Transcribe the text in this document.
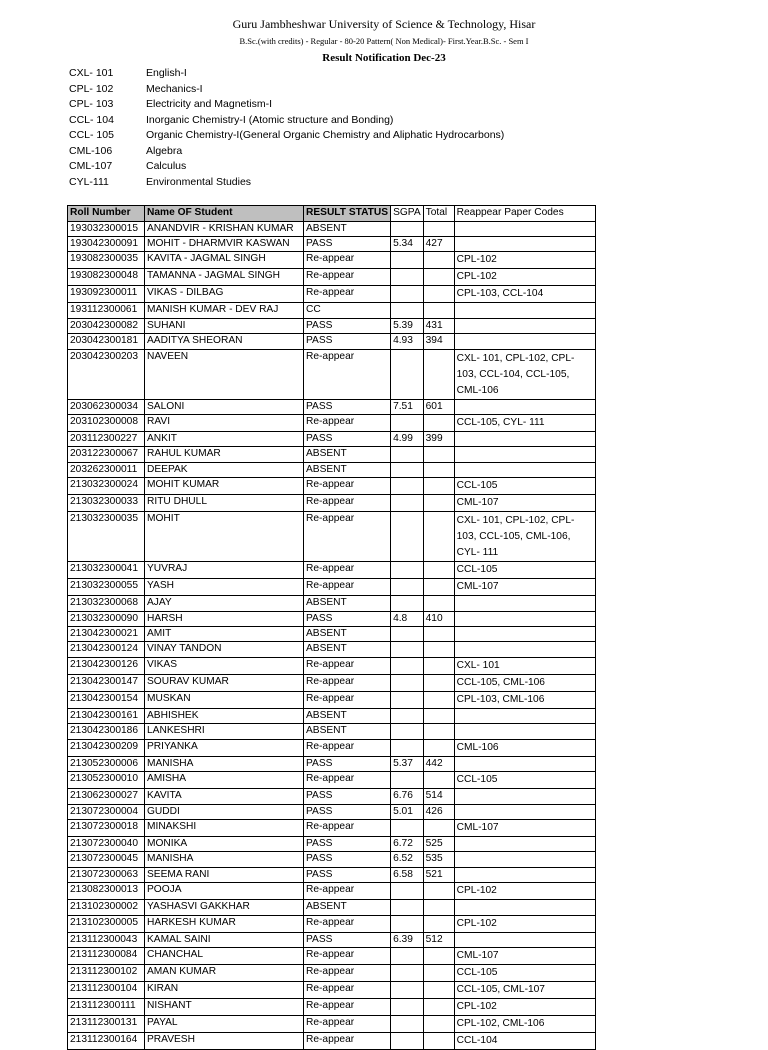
Guru Jambheshwar University of Science & Technology, Hisar
B.Sc.(with credits) - Regular - 80-20 Pattern( Non Medical)- First.Year.B.Sc. - Sem I
Result Notification Dec-23
CXL- 101	English-I
CPL- 102	Mechanics-I
CPL- 103	Electricity and Magnetism-I
CCL- 104	Inorganic Chemistry-I (Atomic structure and Bonding)
CCL- 105	Organic Chemistry-I(General Organic Chemistry and Aliphatic Hydrocarbons)
CML-106	Algebra
CML-107	Calculus
CYL-111	Environmental Studies
Roll Number	Name OF Student	RESULT STATUS	SGPA	Total	Reappear Paper Codes
193032300015	ANANDVIR - KRISHAN KUMAR	ABSENT			
193042300091	MOHIT - DHARMVIR KASWAN	PASS	5.34	427	
193082300035	KAVITA - JAGMAL SINGH	Re-appear			CPL-102
193082300048	TAMANNA - JAGMAL SINGH	Re-appear			CPL-102
193092300011	VIKAS - DILBAG	Re-appear			CPL-103, CCL-104
193112300061	MANISH KUMAR - DEV RAJ	CC			
203042300082	SUHANI	PASS	5.39	431	
203042300181	AADITYA SHEORAN	PASS	4.93	394	
203042300203	NAVEEN	Re-appear			CXL- 101, CPL-102, CPL-103, CCL-104, CCL-105, CML-106
203062300034	SALONI	PASS	7.51	601	
203102300008	RAVI	Re-appear			CCL-105, CYL- 111
203112300227	ANKIT	PASS	4.99	399	
203122300067	RAHUL KUMAR	ABSENT			
203262300011	DEEPAK	ABSENT			
213032300024	MOHIT KUMAR	Re-appear			CCL-105
213032300033	RITU DHULL	Re-appear			CML-107
213032300035	MOHIT	Re-appear			CXL- 101, CPL-102, CPL-103, CCL-105, CML-106, CYL- 111
213032300041	YUVRAJ	Re-appear			CCL-105
213032300055	YASH	Re-appear			CML-107
213032300068	AJAY	ABSENT			
213032300090	HARSH	PASS	4.8	410	
213042300021	AMIT	ABSENT			
213042300124	VINAY TANDON	ABSENT			
213042300126	VIKAS	Re-appear			CXL- 101
213042300147	SOURAV KUMAR	Re-appear			CCL-105, CML-106
213042300154	MUSKAN	Re-appear			CPL-103, CML-106
213042300161	ABHISHEK	ABSENT			
213042300186	LANKESHRI	ABSENT			
213042300209	PRIYANKA	Re-appear			CML-106
213052300006	MANISHA	PASS	5.37	442	
213052300010	AMISHA	Re-appear			CCL-105
213062300027	KAVITA	PASS	6.76	514	
213072300004	GUDDI	PASS	5.01	426	
213072300018	MINAKSHI	Re-appear			CML-107
213072300040	MONIKA	PASS	6.72	525	
213072300045	MANISHA	PASS	6.52	535	
213072300063	SEEMA RANI	PASS	6.58	521	
213082300013	POOJA	Re-appear			CPL-102
213102300002	YASHASVI GAKKHAR	ABSENT			
213102300005	HARKESH KUMAR	Re-appear			CPL-102
213112300043	KAMAL SAINI	PASS	6.39	512	
213112300084	CHANCHAL	Re-appear			CML-107
213112300102	AMAN KUMAR	Re-appear			CCL-105
213112300104	KIRAN	Re-appear			CCL-105, CML-107
213112300111	NISHANT	Re-appear			CPL-102
213112300131	PAYAL	Re-appear			CPL-102, CML-106
213112300164	PRAVESH	Re-appear			CCL-104
